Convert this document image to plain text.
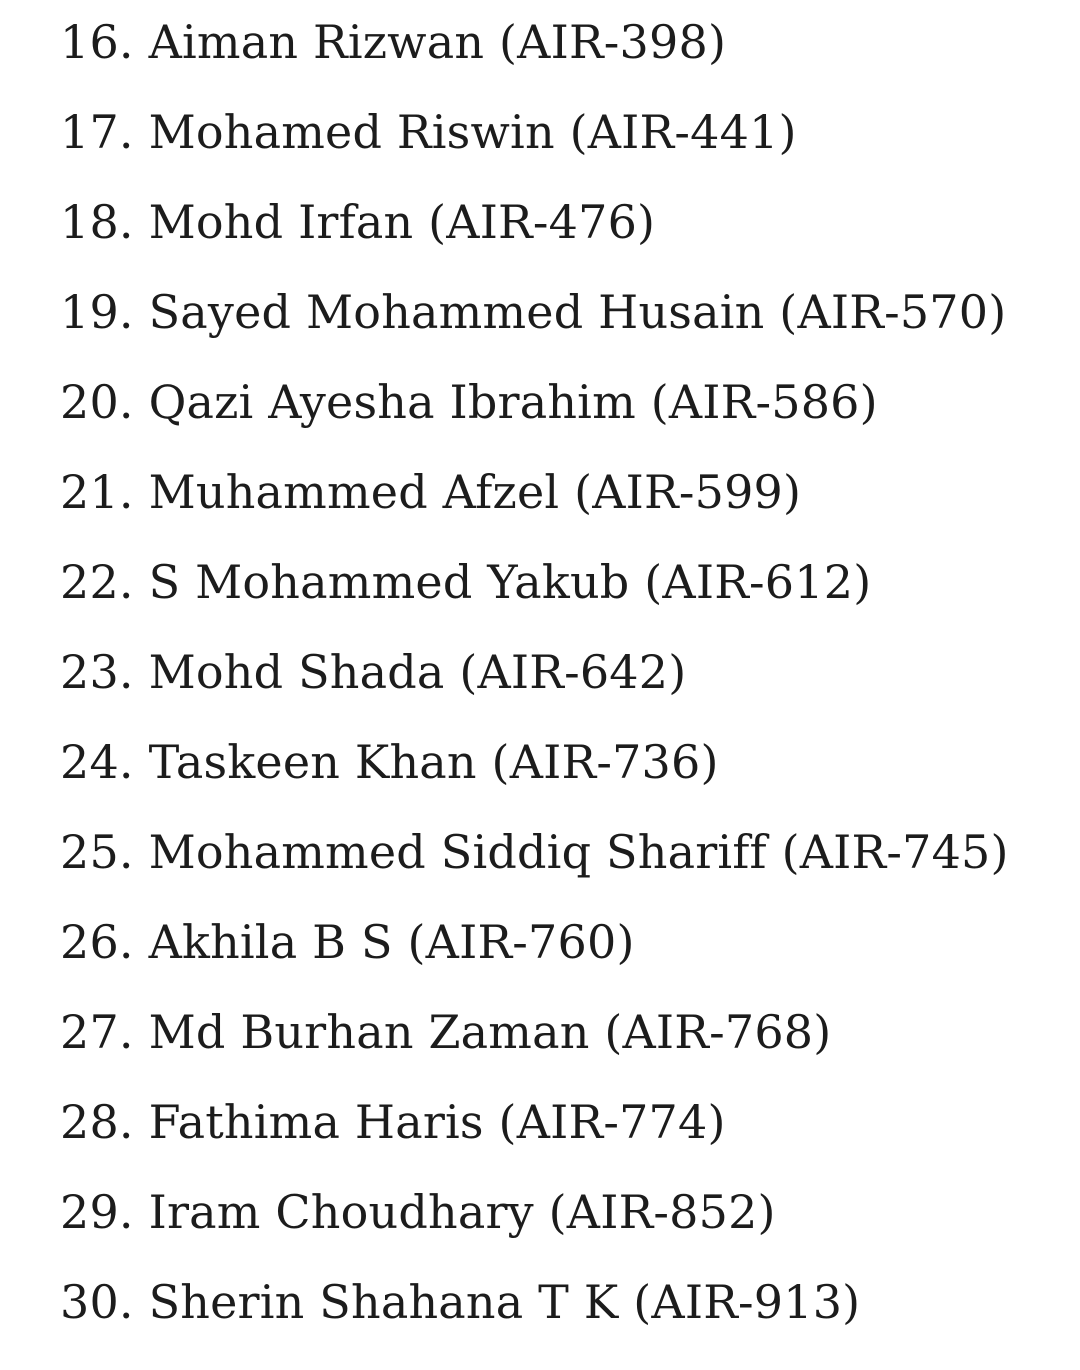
16. Aiman Rizwan (AIR-398)
17. Mohamed Riswin (AIR-441)
18. Mohd Irfan (AIR-476)
19. Sayed Mohammed Husain (AIR-570)
20. Qazi Ayesha Ibrahim (AIR-586)
21. Muhammed Afzel (AIR-599)
22. S Mohammed Yakub (AIR-612)
23. Mohd Shada (AIR-642)
24. Taskeen Khan (AIR-736)
25. Mohammed Siddiq Shariff (AIR-745)
26. Akhila B S (AIR-760)
27. Md Burhan Zaman (AIR-768)
28. Fathima Haris (AIR-774)
29. Iram Choudhary (AIR-852)
30. Sherin Shahana T K (AIR-913)
